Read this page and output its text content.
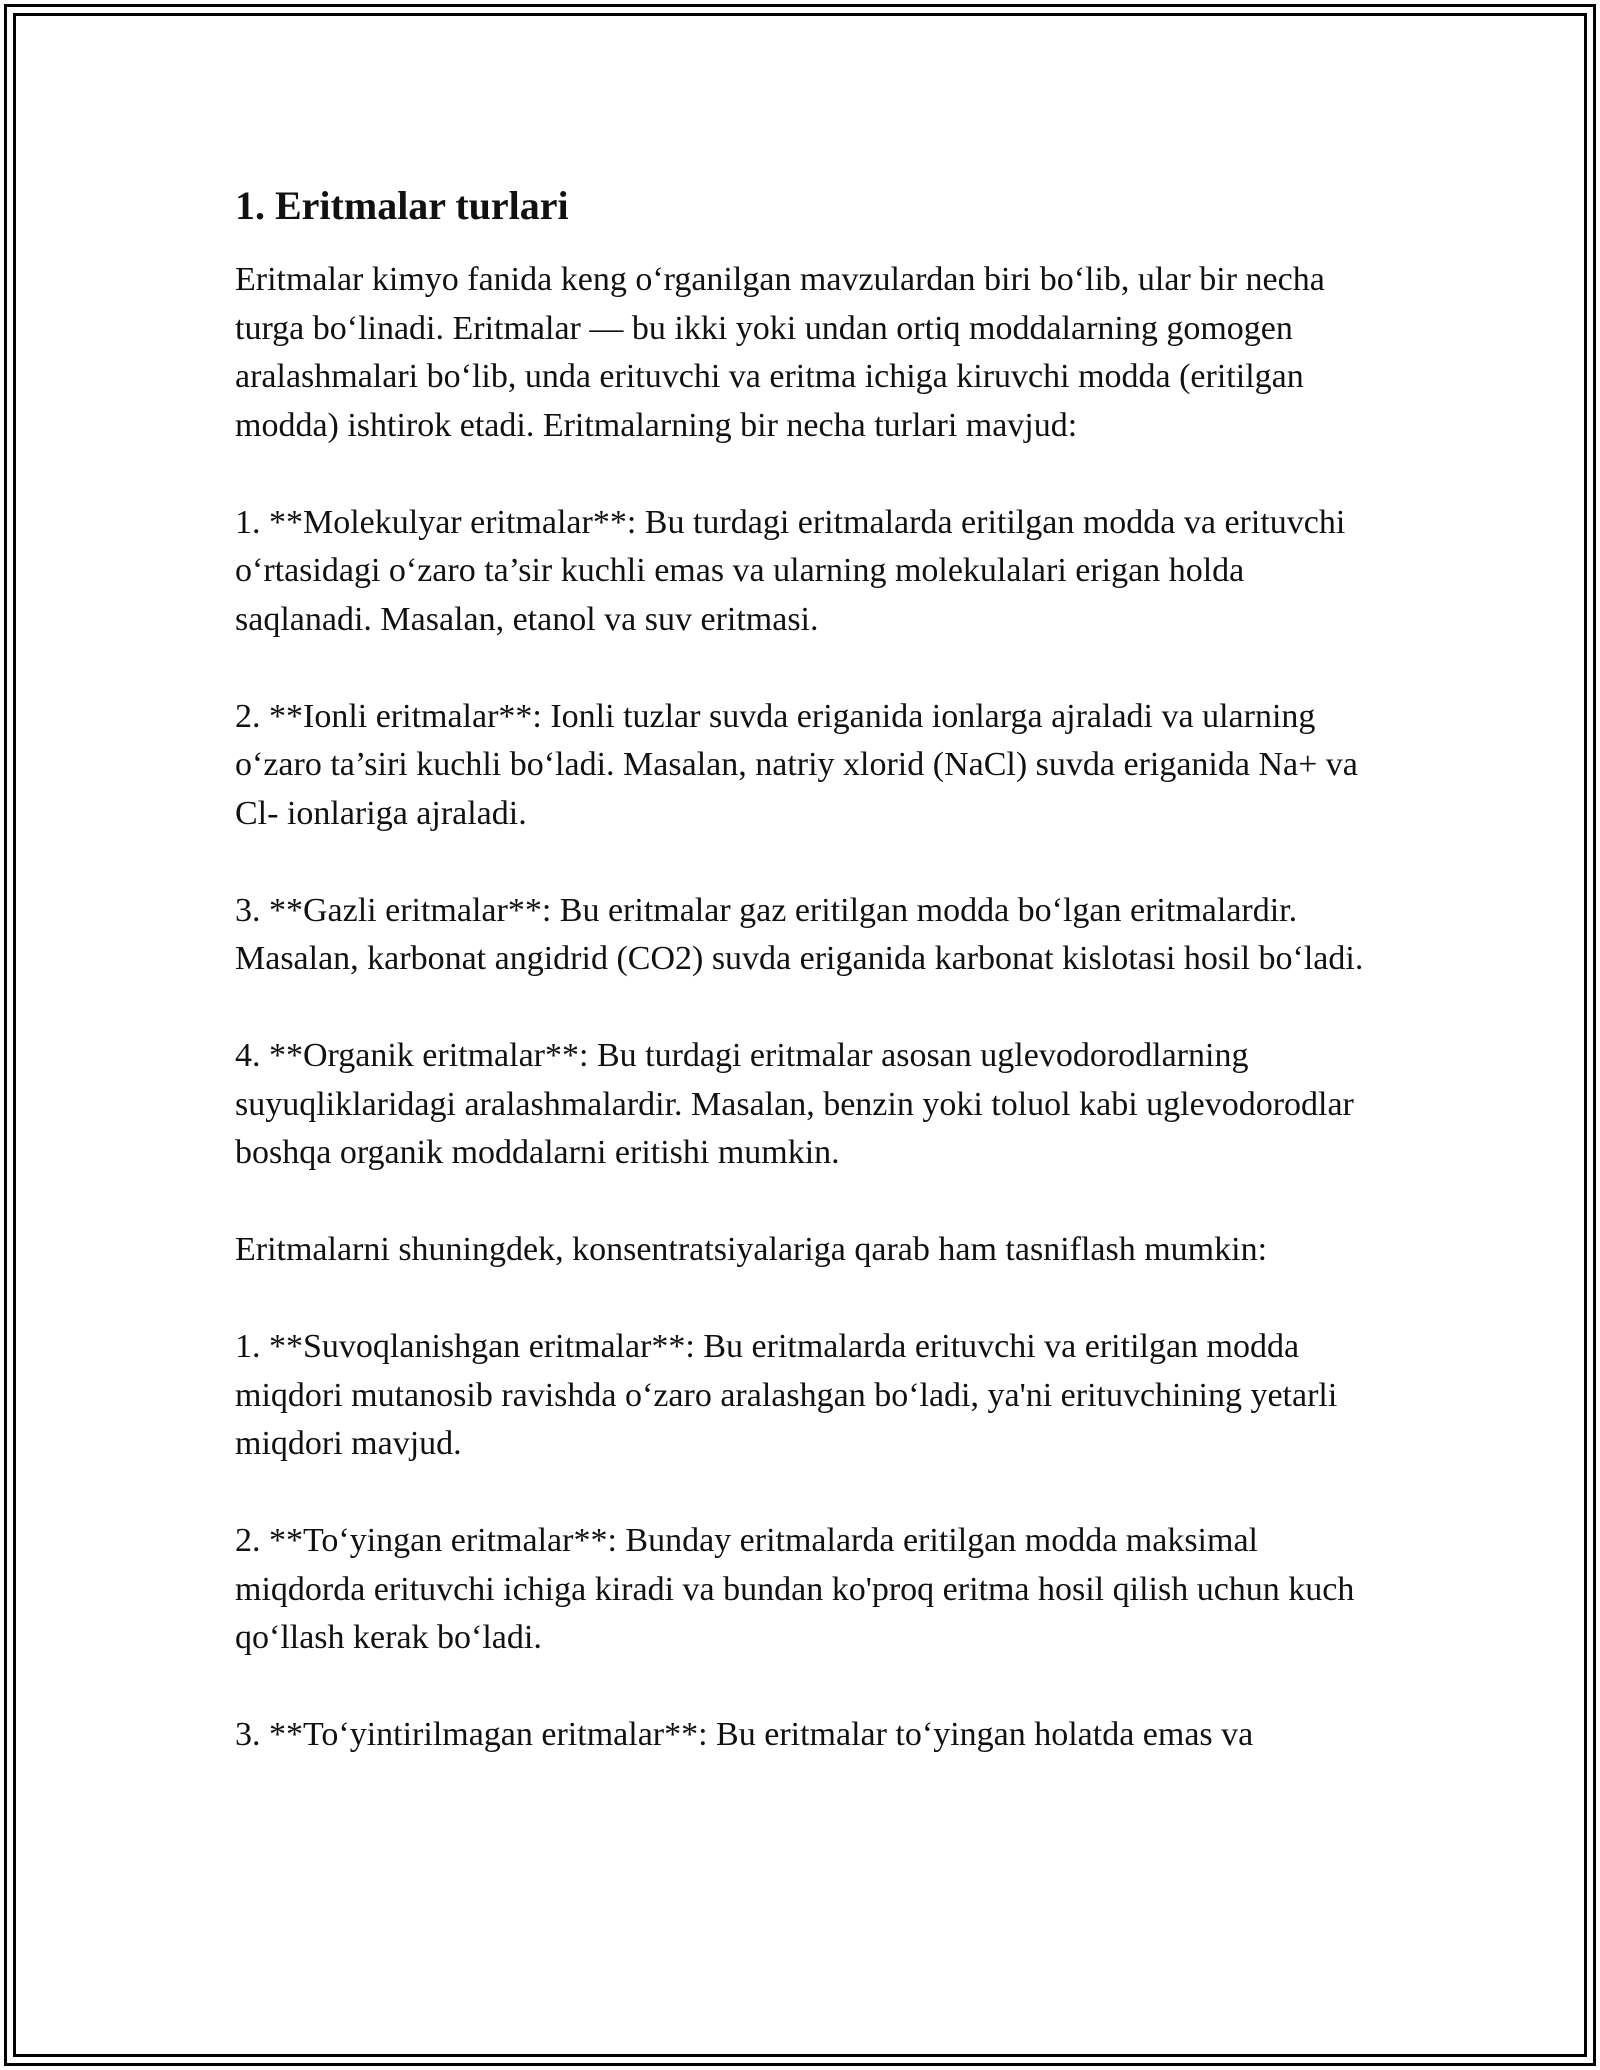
1. Eritmalar turlari

Eritmalar kimyo fanida keng o‘rganilgan mavzulardan biri bo‘lib, ular bir necha turga bo‘linadi. Eritmalar — bu ikki yoki undan ortiq moddalarning gomogen aralashmalari bo‘lib, unda erituvchi va eritma ichiga kiruvchi modda (eritilgan modda) ishtirok etadi. Eritmalarning bir necha turlari mavjud:

1. **Molekulyar eritmalar**: Bu turdagi eritmalarda eritilgan modda va erituvchi o‘rtasidagi o‘zaro ta’sir kuchli emas va ularning molekulalari erigan holda saqlanadi. Masalan, etanol va suv eritmasi.

2. **Ionli eritmalar**: Ionli tuzlar suvda eriganida ionlarga ajraladi va ularning o‘zaro ta’siri kuchli bo‘ladi. Masalan, natriy xlorid (NaCl) suvda eriganida Na+ va Cl- ionlariga ajraladi.

3. **Gazli eritmalar**: Bu eritmalar gaz eritilgan modda bo‘lgan eritmalardir. Masalan, karbonat angidrid (CO2) suvda eriganida karbonat kislotasi hosil bo‘ladi.

4. **Organik eritmalar**: Bu turdagi eritmalar asosan uglevodorodlarning suyuqliklaridagi aralashmalardir. Masalan, benzin yoki toluol kabi uglevodorodlar boshqa organik moddalarni eritishi mumkin.

Eritmalarni shuningdek, konsentratsiyalariga qarab ham tasniflash mumkin:

1. **Suvoqlanishgan eritmalar**: Bu eritmalarda erituvchi va eritilgan modda miqdori mutanosib ravishda o‘zaro aralashgan bo‘ladi, ya'ni erituvchining yetarli miqdori mavjud.

2. **To‘yingan eritmalar**: Bunday eritmalarda eritilgan modda maksimal miqdorda erituvchi ichiga kiradi va bundan ko'proq eritma hosil qilish uchun kuch qo‘llash kerak bo‘ladi.

3. **To‘yintirilmagan eritmalar**: Bu eritmalar to‘yingan holatda emas va
